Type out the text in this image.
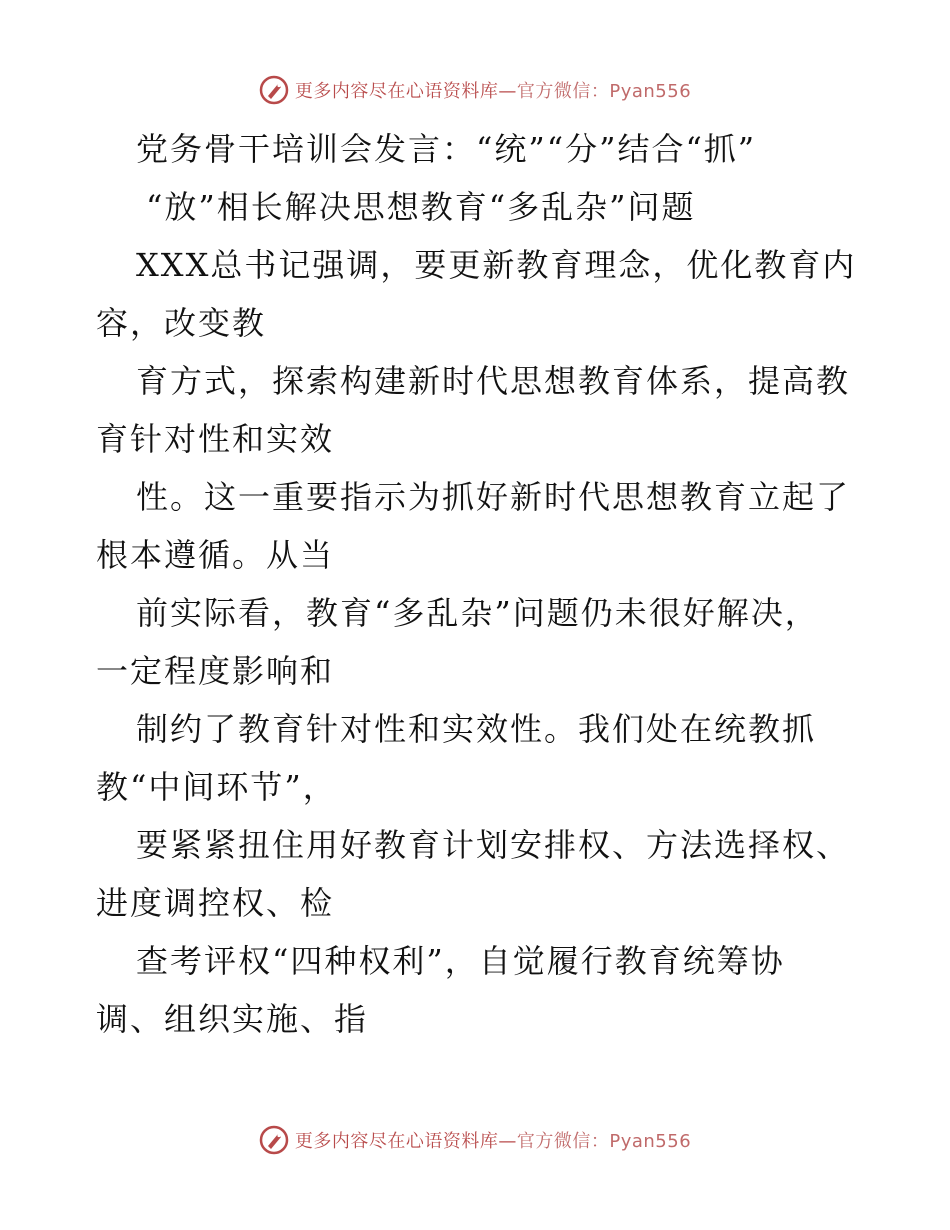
更多内容尽在心语资料库—官方微信：Pyan556
党务骨干培训会发言：“统”“分”结合“抓”
“放”相长解决思想教育“多乱杂”问题
XXX总书记强调，要更新教育理念，优化教育内
容，改变教
育方式，探索构建新时代思想教育体系，提高教
育针对性和实效
性。这一重要指示为抓好新时代思想教育立起了
根本遵循。从当
前实际看，教育“多乱杂”问题仍未很好解决，
一定程度影响和
制约了教育针对性和实效性。我们处在统教抓
教“中间环节”，
要紧紧扭住用好教育计划安排权、方法选择权、
进度调控权、检
查考评权“四种权利”，自觉履行教育统筹协
调、组织实施、指
更多内容尽在心语资料库—官方微信：Pyan556
